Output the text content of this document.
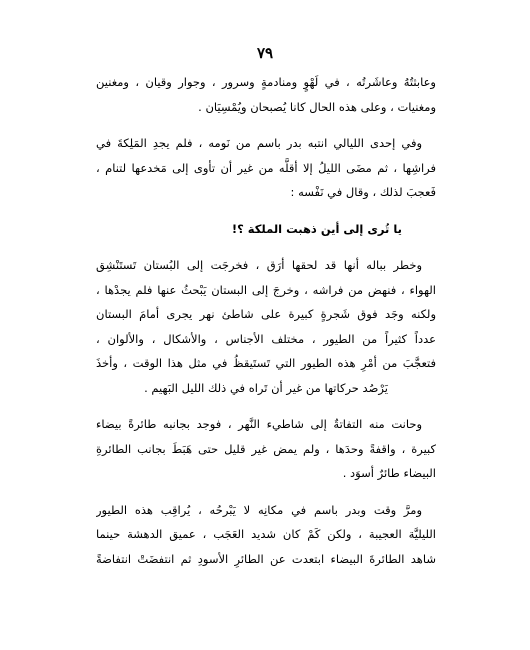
٧٩

وعابثتُهُ وعاشَرتُه ، في لَهْوٍ ومنادمةٍ وسرور ، وجوار وقيان ، ومغنين
ومغنيات ، وعلى هذه الحال كانا يُصبحان ويُمْسِيَان .

وفي إحدى الليالي انتبه بدر باسم من نَومه ، فلم يجدِ المَلِكةَ في
فراشِها ، ثم مضَى الليلُ إلا أقلَّه من غير أن تأوى إلى مَخدعها لتنام ،
فَعجبَ لذلك ، وقال في نَفْسه :

يا تُرى إلى أين ذهبت الملكة ؟!

وخطر بباله أنها قد لحقها أرَق ، فخرجَت إلى البُستان تَستَنْشِق
الهواء ، فنهض من فراشه ، وخرجَ إلى البستان يَبْحثُ عنها فلم يجدْها ،
ولكنه وجَد فوق شَجرةٍ كبيرة على شاطئ نهر يجرى أمامَ البستان
عدداً كثيراً من الطيور ، مختلف الأجناس ، والأشكال ، والألوان ،
فتعجَّبَ من أمْرِ هذه الطيور التي تَستَيقظُ في مثل هذا الوقت ، وأخذَ
يَرْصُد حركاتها من غير أن تَراه في ذلك الليل البَهيم .

وحانت منه التفاتةٌ إلى شاطيء النَّهر ، فوجد بجانبه طائرةً بيضاء
كبيرة ، واقفةً وحدَها ، ولم يمض غير قليل حتى هَبَطَ بجانب الطائرةِ
البيضاء طائرٌ أسوَد .

ومرَّ وقت وبدر باسم في مكانِه لا يَبْرحُه ، يُراقِب هذه الطيور
الليليَّة العجيبة ، ولكن كَمْ كان شديد العَجَب ، عميق الدهشة حينما
شاهد الطائرةَ البيضاء ابتعدت عن الطائرِ الأسودِ ثم انتفضَتْ انتفاضةً
